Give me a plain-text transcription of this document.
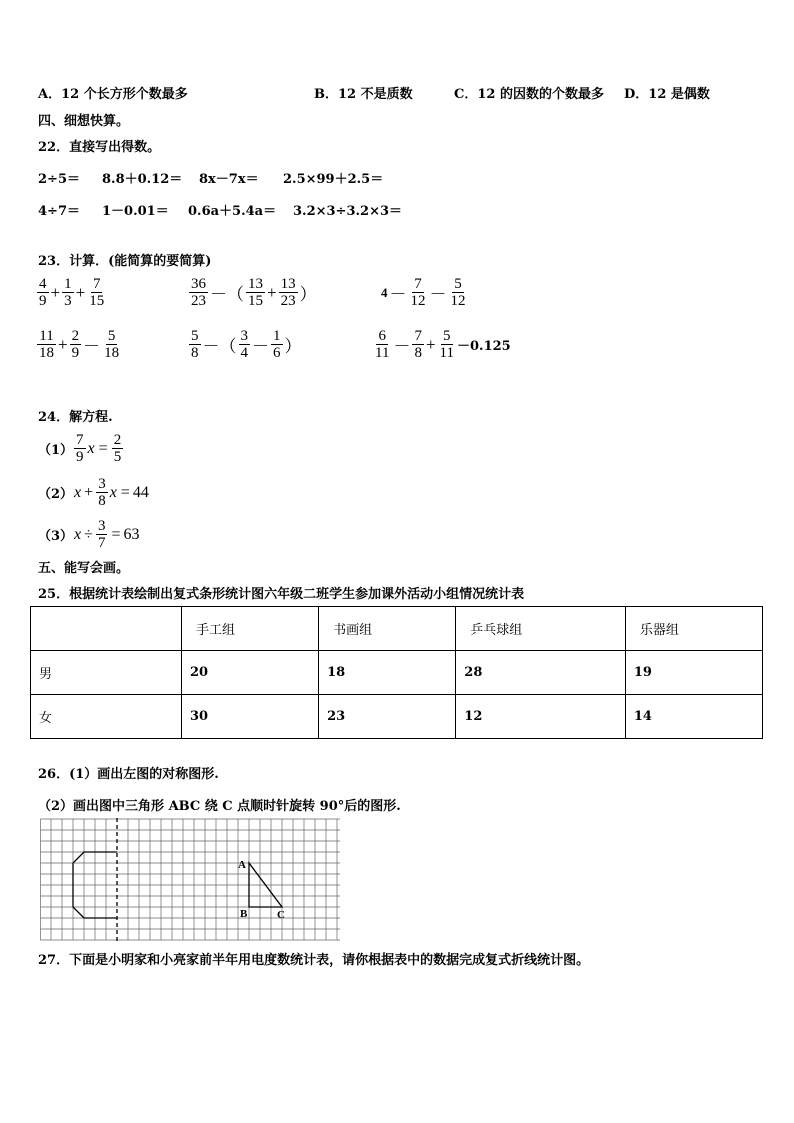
A．12 个长方形个数最多	B．12 不是质数	C．12 的因数的个数最多 D．12 是偶数
四、细想快算。
22．直接写出得数。
2÷5＝ 8.8＋0.12＝ 8x－7x＝ 2.5×99＋2.5＝
4÷7＝ 1－0.01＝ 0.6a＋5.4a＝ 3.2×3÷3.2×3＝
23．计算．(能简算的要简算)
$\frac{4}{9} + \frac{1}{3} + \frac{7}{15}$	$\frac{36}{23}$ －（ $\frac{13}{15} + \frac{13}{23}$ ）	$4 - \frac{7}{12} - \frac{5}{12}$
$\frac{11}{18} + \frac{2}{9} - \frac{5}{18}$	$\frac{5}{8}$ －（ $\frac{3}{4} - \frac{1}{6}$ ）	$\frac{6}{11} - \frac{7}{8} + \frac{5}{11} -0.125$
24．解方程.
$(1) \frac{7}{9}$ $x = \frac{2}{5}$
（2） $x + \frac{3}{8}$ x = 44
（3） $x \div \frac{3}{7} = 63$
五、能写会画。
25．根据统计表绘制出复式条形统计图六年级二班学生参加课外活动小组情况统计表
	手工组	书画组	乒乓球组	乐器组
男	20	18	28	19
女	30	23	12	14
26．(1）画出左图的对称图形.
（2）画出图中三角形 ABC 绕 C 点顺时针旋转 90°后的图形.
A
B	C
27．下面是小明家和小亮家前半年用电度数统计表，请你根据表中的数据完成复式折线统计图。
